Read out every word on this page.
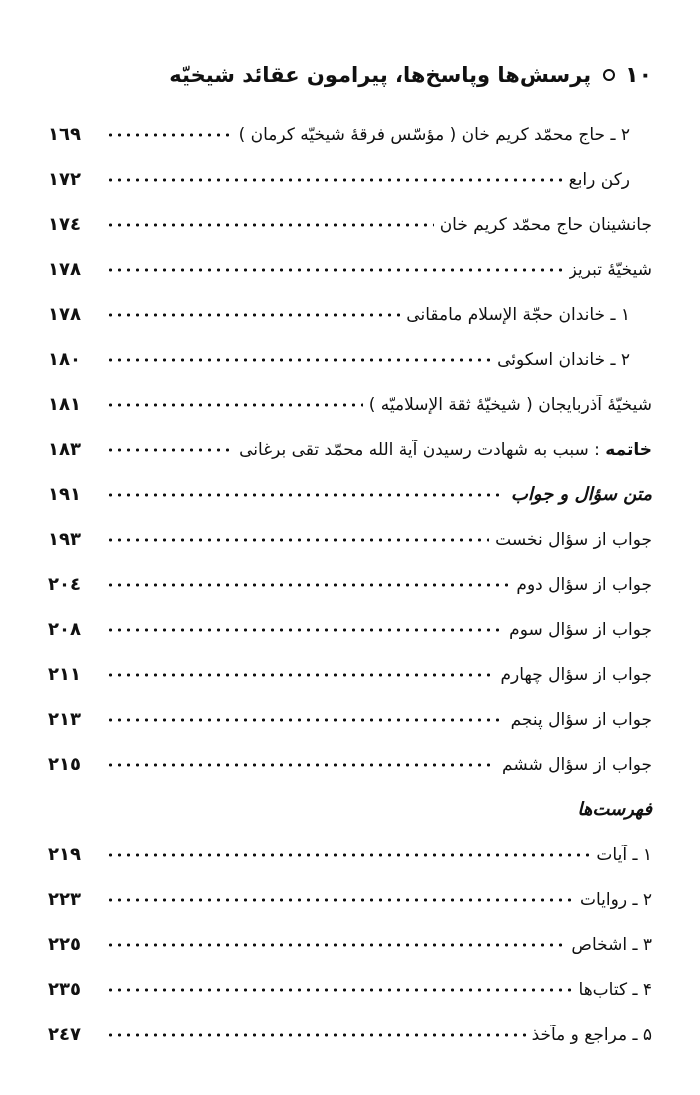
١٠
پرسش‌ها وپاسخ‌ها، پیرامون عقائد شیخیّه
٢ ـ حاج محمّد کریم خان ( مؤسّس فرقهٔ شیخیّه کرمان )
١٦٩
رکن رابع
١٧٢
جانشینان حاج محمّد کریم خان
١٧٤
شیخیّهٔ تبریز
١٧٨
١ ـ خاندان حجّة الإسلام مامقانی
١٧٨
٢ ـ خاندان اسکوئی
١٨٠
شیخیّهٔ آذربایجان ( شیخیّهٔ ثقة الإسلامیّه )
١٨١
خاتمه : سبب به شهادت رسیدن آیة الله محمّد تقی برغانی
١٨٣
متن سؤال و جواب
١٩١
جواب از سؤال نخست
١٩٣
جواب از سؤال دوم
٢٠٤
جواب از سؤال سوم
٢٠٨
جواب از سؤال چهارم
٢١١
جواب از سؤال پنجم
٢١٣
جواب از سؤال ششم
٢١٥
فهرست‌ها
١ ـ آیات
٢١٩
٢ ـ روایات
٢٢٣
٣ ـ اشخاص
٢٢٥
۴ ـ کتاب‌ها
٢٣٥
۵ ـ مراجع و مآخذ
٢٤٧
